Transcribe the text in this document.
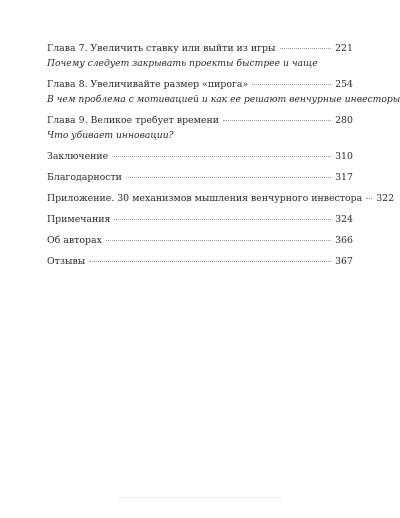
Глава 7. Увеличить ставку или выйти из игры	221
Почему следует закрывать проекты быстрее и чаще
Глава 8. Увеличивайте размер «пирога»	254
В чем проблема с мотивацией и как ее решают венчурные инвесторы
Глава 9. Великое требует времени	280
Что убивает инновации?
Заключение	310
Благодарности	317
Приложение. 30 механизмов мышления венчурного инвестора 322
Примечания	324
Об авторах	366
Отзывы	367
